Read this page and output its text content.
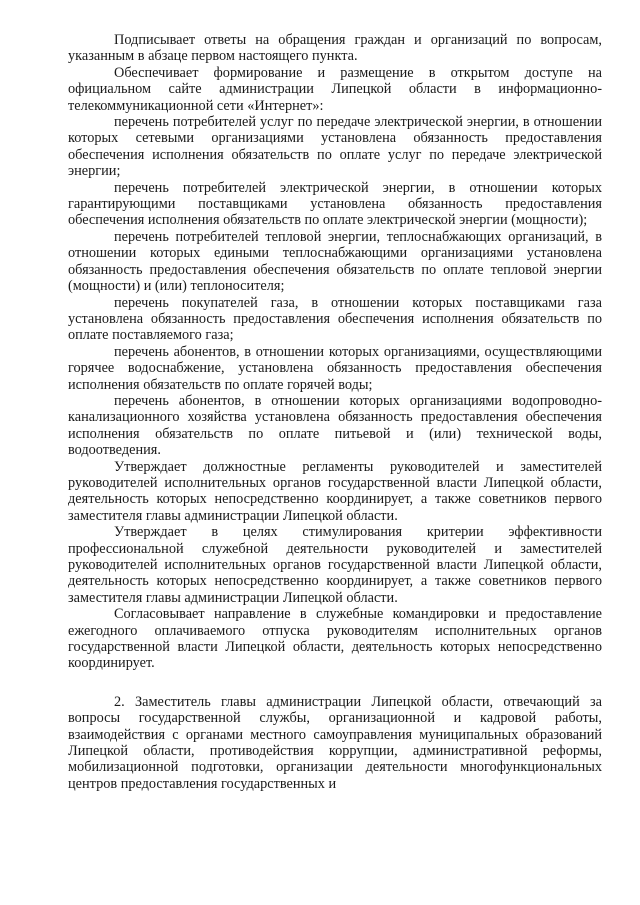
Подписывает ответы на обращения граждан и организаций по вопросам, указанным в абзаце первом настоящего пункта.

Обеспечивает формирование и размещение в открытом доступе на официальном сайте администрации Липецкой области в информационно-телекоммуникационной сети «Интернет»:

перечень потребителей услуг по передаче электрической энергии, в отношении которых сетевыми организациями установлена обязанность предоставления обеспечения исполнения обязательств по оплате услуг по передаче электрической энергии;

перечень потребителей электрической энергии, в отношении которых гарантирующими поставщиками установлена обязанность предоставления обеспечения исполнения обязательств по оплате электрической энергии (мощности);

перечень потребителей тепловой энергии, теплоснабжающих организаций, в отношении которых едиными теплоснабжающими организациями установлена обязанность предоставления обеспечения обязательств по оплате тепловой энергии (мощности) и (или) теплоносителя;

перечень покупателей газа, в отношении которых поставщиками газа установлена обязанность предоставления обеспечения исполнения обязательств по оплате поставляемого газа;

перечень абонентов, в отношении которых организациями, осуществляющими горячее водоснабжение, установлена обязанность предоставления обеспечения исполнения обязательств по оплате горячей воды;

перечень абонентов, в отношении которых организациями водопроводно-канализационного хозяйства установлена обязанность предоставления обеспечения исполнения обязательств по оплате питьевой и (или) технической воды, водоотведения.

Утверждает должностные регламенты руководителей и заместителей руководителей исполнительных органов государственной власти Липецкой области, деятельность которых непосредственно координирует, а также советников первого заместителя главы администрации Липецкой области.

Утверждает в целях стимулирования критерии эффективности профессиональной служебной деятельности руководителей и заместителей руководителей исполнительных органов государственной власти Липецкой области, деятельность которых непосредственно координирует, а также советников первого заместителя главы администрации Липецкой области.

Согласовывает направление в служебные командировки и предоставление ежегодного оплачиваемого отпуска руководителям исполнительных органов государственной власти Липецкой области, деятельность которых непосредственно координирует.

2. Заместитель главы администрации Липецкой области, отвечающий за вопросы государственной службы, организационной и кадровой работы, взаимодействия с органами местного самоуправления муниципальных образований Липецкой области, противодействия коррупции, административной реформы, мобилизационной подготовки, организации деятельности многофункциональных центров предоставления государственных и
